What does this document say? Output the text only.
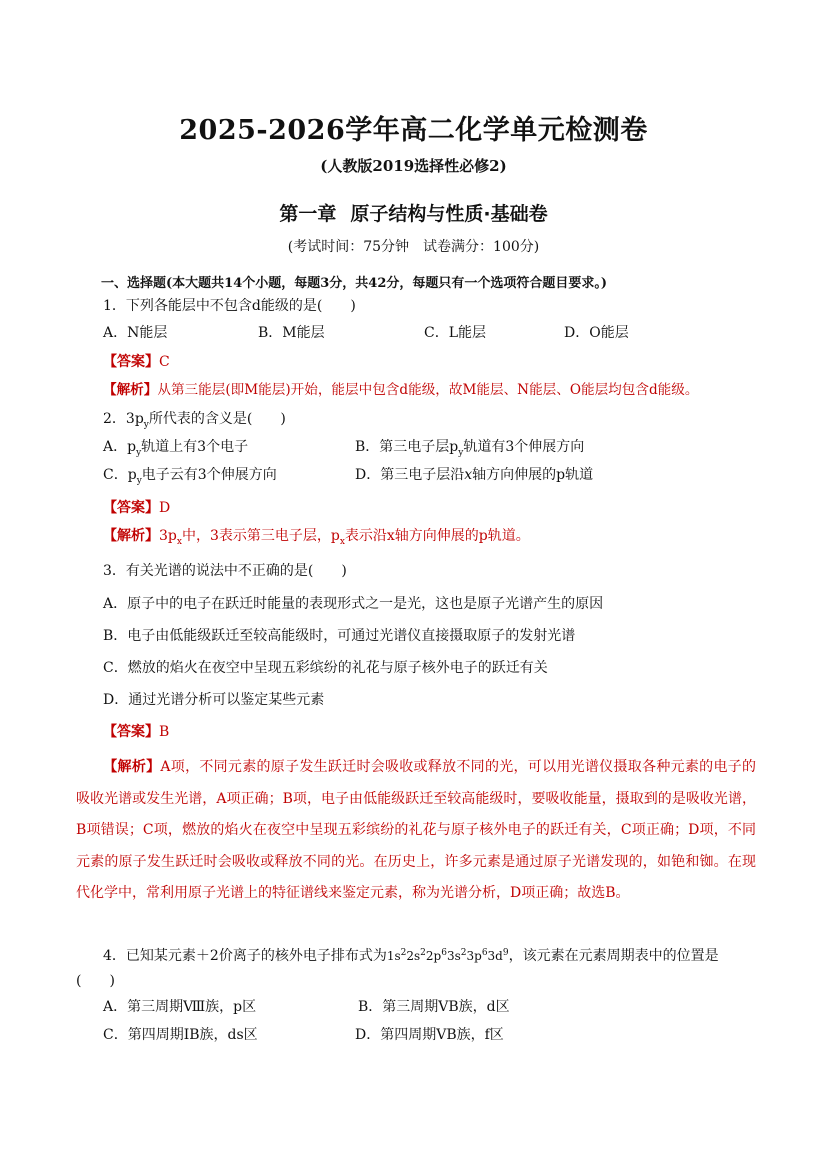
2025-2026学年高二化学单元检测卷
(人教版2019选择性必修2)
第一章 原子结构与性质·基础卷
(考试时间：75分钟　试卷满分：100分)
一、选择题(本大题共14个小题，每题3分，共42分，每题只有一个选项符合题目要求。)
1．下列各能层中不包含d能级的是(　　)
A．N能层	B．M能层	C．L能层	D．O能层
【答案】C
【解析】从第三能层(即M能层)开始，能层中包含d能级，故M能层、N能层、O能层均包含d能级。
2．$3p_y$所代表的含义是(　　)
A．$p_y$轨道上有3个电子	B．第三电子层$p_y$轨道有3个伸展方向
C．$p_y$电子云有3个伸展方向	D．第三电子层沿x轴方向伸展的p轨道
【答案】D
【解析】$3p_x$中，3表示第三电子层，$p_x$表示沿x轴方向伸展的p轨道。
3．有关光谱的说法中不正确的是(　　)
A．原子中的电子在跃迁时能量的表现形式之一是光，这也是原子光谱产生的原因
B．电子由低能级跃迁至较高能级时，可通过光谱仪直接摄取原子的发射光谱
C．燃放的焰火在夜空中呈现五彩缤纷的礼花与原子核外电子的跃迁有关
D．通过光谱分析可以鉴定某些元素
【答案】B
【解析】A项，不同元素的原子发生跃迁时会吸收或释放不同的光，可以用光谱仪摄取各种元素的电子的吸收光谱或发生光谱，A项正确；B项，电子由低能级跃迁至较高能级时，要吸收能量，摄取到的是吸收光谱，B项错误；C项，燃放的焰火在夜空中呈现五彩缤纷的礼花与原子核外电子的跃迁有关，C项正确；D项，不同元素的原子发生跃迁时会吸收或释放不同的光。在历史上，许多元素是通过原子光谱发现的，如铯和铷。在现代化学中，常利用原子光谱上的特征谱线来鉴定元素，称为光谱分析，D项正确；故选B。
4．已知某元素＋2价离子的核外电子排布式为$1s^22s^22p^63s^23p^63d^9$，该元素在元素周期表中的位置是
(　　)
A．第三周期Ⅷ族，p区	B．第三周期ⅤB族，d区
C．第四周期ⅠB族，ds区	D．第四周期ⅤB族，f区
